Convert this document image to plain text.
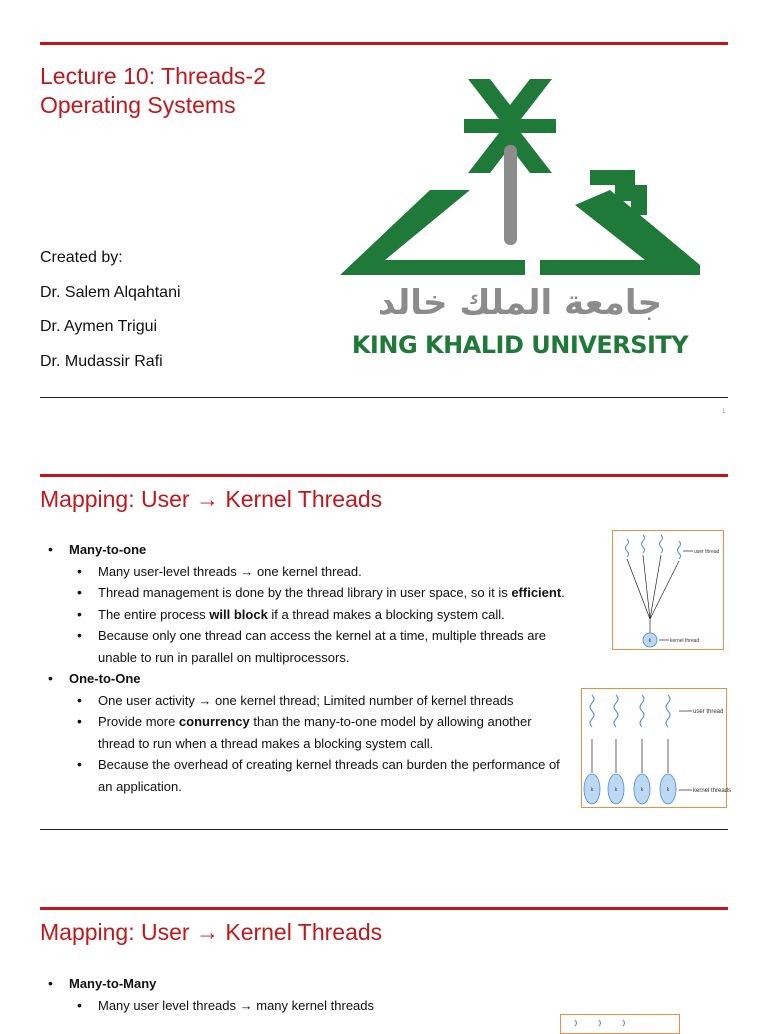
Lecture 10: Threads-2
Operating Systems
Created by:
Dr. Salem Alqahtani
Dr. Aymen Trigui
Dr. Mudassir Rafi
جامعة الملك خالد
KING KHALID UNIVERSITY
1
Mapping: User → Kernel Threads
• Many-to-one
• Many user-level threads → one kernel thread.
• Thread management is done by the thread library in user space, so it is efficient.
• The entire process will block if a thread makes a blocking system call.
• Because only one thread can access the kernel at a time, multiple threads are unable to run in parallel on multiprocessors.
• One-to-One
• One user activity → one kernel thread; Limited number of kernel threads
• Provide more conurrency than the many-to-one model by allowing another thread to run when a thread makes a blocking system call.
• Because the overhead of creating kernel threads can burden the performance of an application.
k
user thread
kernel thread
k	k	k	k
user thread
kernel threads
Mapping: User → Kernel Threads
• Many-to-Many
• Many user level threads → many kernel threads
